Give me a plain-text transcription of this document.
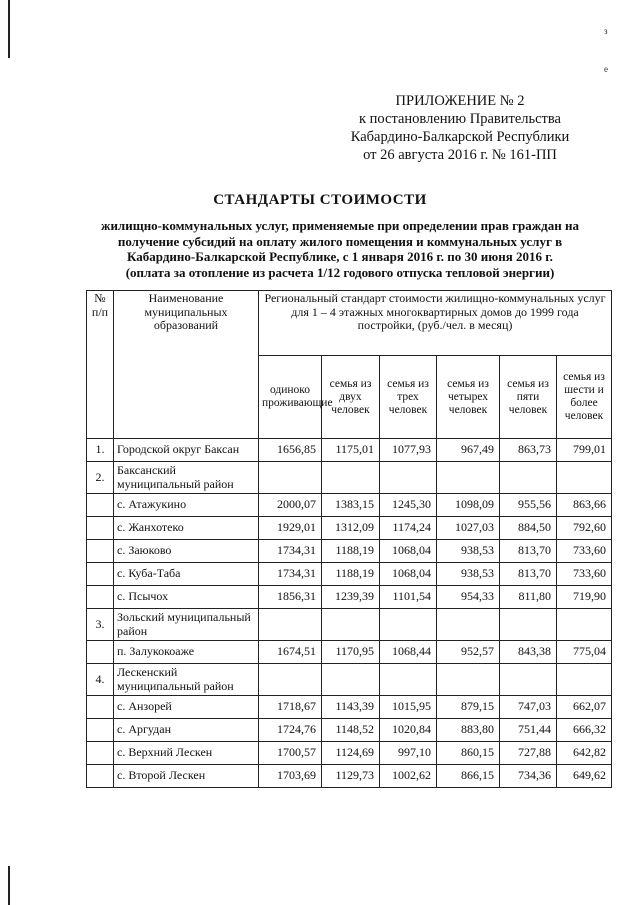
з
е
ПРИЛОЖЕНИЕ № 2
к постановлению Правительства
Кабардино-Балкарской Республики
от 26 августа 2016 г. № 161-ПП
СТАНДАРТЫ СТОИМОСТИ
жилищно-коммунальных услуг, применяемые при определении прав граждан на
получение субсидий на оплату жилого помещения и коммунальных услуг в
Кабардино-Балкарской Республике, с 1 января 2016 г. по 30 июня 2016 г.
(оплата за отопление из расчета 1/12 годового отпуска тепловой энергии)
№ п/п	Наименование муниципальных образований	Региональный стандарт стоимости жилищно-коммунальных услуг для 1 – 4 этажных многоквартирных домов до 1999 года постройки, (руб./чел. в месяц)					
		одиноко проживающие	семья из двух человек	семья из трех человек	семья из четырех человек	семья из пяти человек	семья из шести и более человек
1.	Городской округ Баксан	1656,85	1175,01	1077,93	967,49	863,73	799,01
2.	Баксанский муниципальный район						
	с. Атажукино	2000,07	1383,15	1245,30	1098,09	955,56	863,66
	с. Жанхотеко	1929,01	1312,09	1174,24	1027,03	884,50	792,60
	с. Заюково	1734,31	1188,19	1068,04	938,53	813,70	733,60
	с. Куба-Таба	1734,31	1188,19	1068,04	938,53	813,70	733,60
	с. Псычох	1856,31	1239,39	1101,54	954,33	811,80	719,90
3.	Зольский муниципальный район						
	п. Залукокоаже	1674,51	1170,95	1068,44	952,57	843,38	775,04
4.	Лескенский муниципальный район						
	с. Анзорей	1718,67	1143,39	1015,95	879,15	747,03	662,07
	с. Аргудан	1724,76	1148,52	1020,84	883,80	751,44	666,32
	с. Верхний Лескен	1700,57	1124,69	997,10	860,15	727,88	642,82
	с. Второй Лескен	1703,69	1129,73	1002,62	866,15	734,36	649,62
